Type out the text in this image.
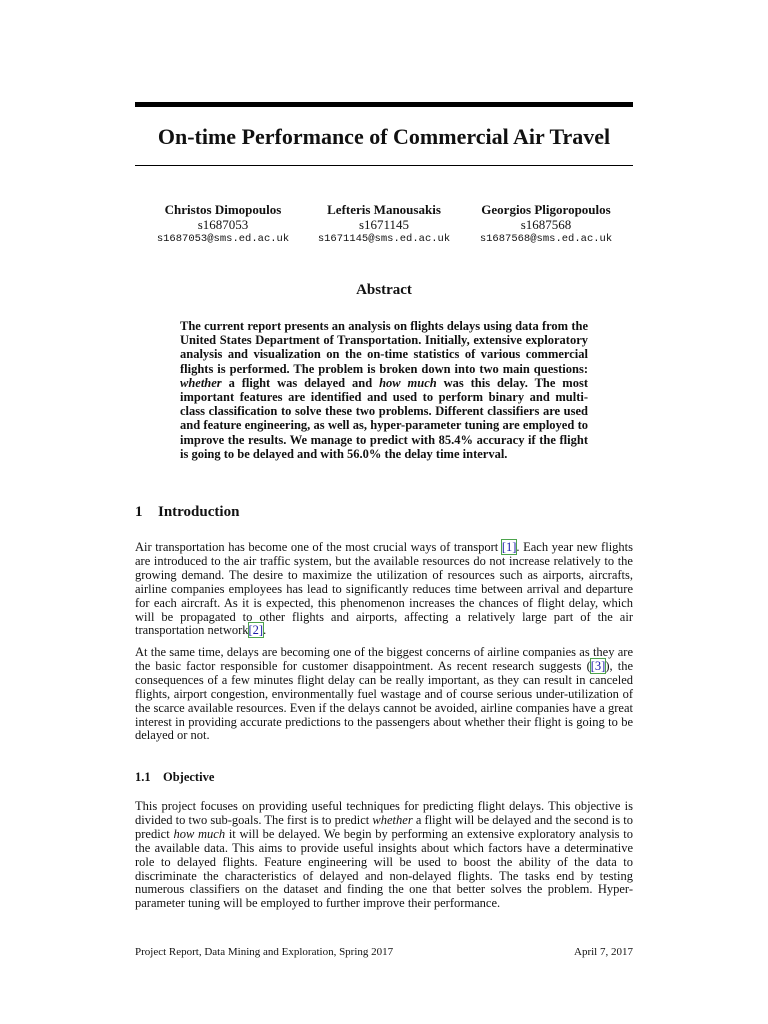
On-time Performance of Commercial Air Travel
Christos Dimopoulos
s1687053
s1687053@sms.ed.ac.uk
Lefteris Manousakis
s1671145
s1671145@sms.ed.ac.uk
Georgios Pligoropoulos
s1687568
s1687568@sms.ed.ac.uk
Abstract
The current report presents an analysis on flights delays using data from the United States Department of Transportation. Initially, extensive exploratory analysis and visualization on the on-time statistics of various commercial flights is performed. The problem is broken down into two main questions: whether a flight was delayed and how much was this delay. The most important features are identified and used to perform binary and multi-class classification to solve these two problems. Different classifiers are used and feature engineering, as well as, hyper-parameter tuning are employed to improve the results. We manage to predict with 85.4% accuracy if the flight is going to be delayed and with 56.0% the delay time interval.
1 Introduction
Air transportation has become one of the most crucial ways of transport [1]. Each year new flights are introduced to the air traffic system, but the available resources do not increase relatively to the growing demand. The desire to maximize the utilization of resources such as airports, aircrafts, airline companies employees has lead to significantly reduces time between arrival and departure for each aircraft. As it is expected, this phenomenon increases the chances of flight delay, which will be propagated to other flights and airports, affecting a relatively large part of the air transportation network[2].
At the same time, delays are becoming one of the biggest concerns of airline companies as they are the basic factor responsible for customer disappointment. As recent research suggests ([3]), the consequences of a few minutes flight delay can be really important, as they can result in canceled flights, airport congestion, environmentally fuel wastage and of course serious under-utilization of the scarce available resources. Even if the delays cannot be avoided, airline companies have a great interest in providing accurate predictions to the passengers about whether their flight is going to be delayed or not.
1.1 Objective
This project focuses on providing useful techniques for predicting flight delays. This objective is divided to two sub-goals. The first is to predict whether a flight will be delayed and the second is to predict how much it will be delayed. We begin by performing an extensive exploratory analysis to the available data. This aims to provide useful insights about which factors have a determinative role to delayed flights. Feature engineering will be used to boost the ability of the data to discriminate the characteristics of delayed and non-delayed flights. The tasks end by testing numerous classifiers on the dataset and finding the one that better solves the problem. Hyper-parameter tuning will be employed to further improve their performance.
Project Report, Data Mining and Exploration, Spring 2017	April 7, 2017
